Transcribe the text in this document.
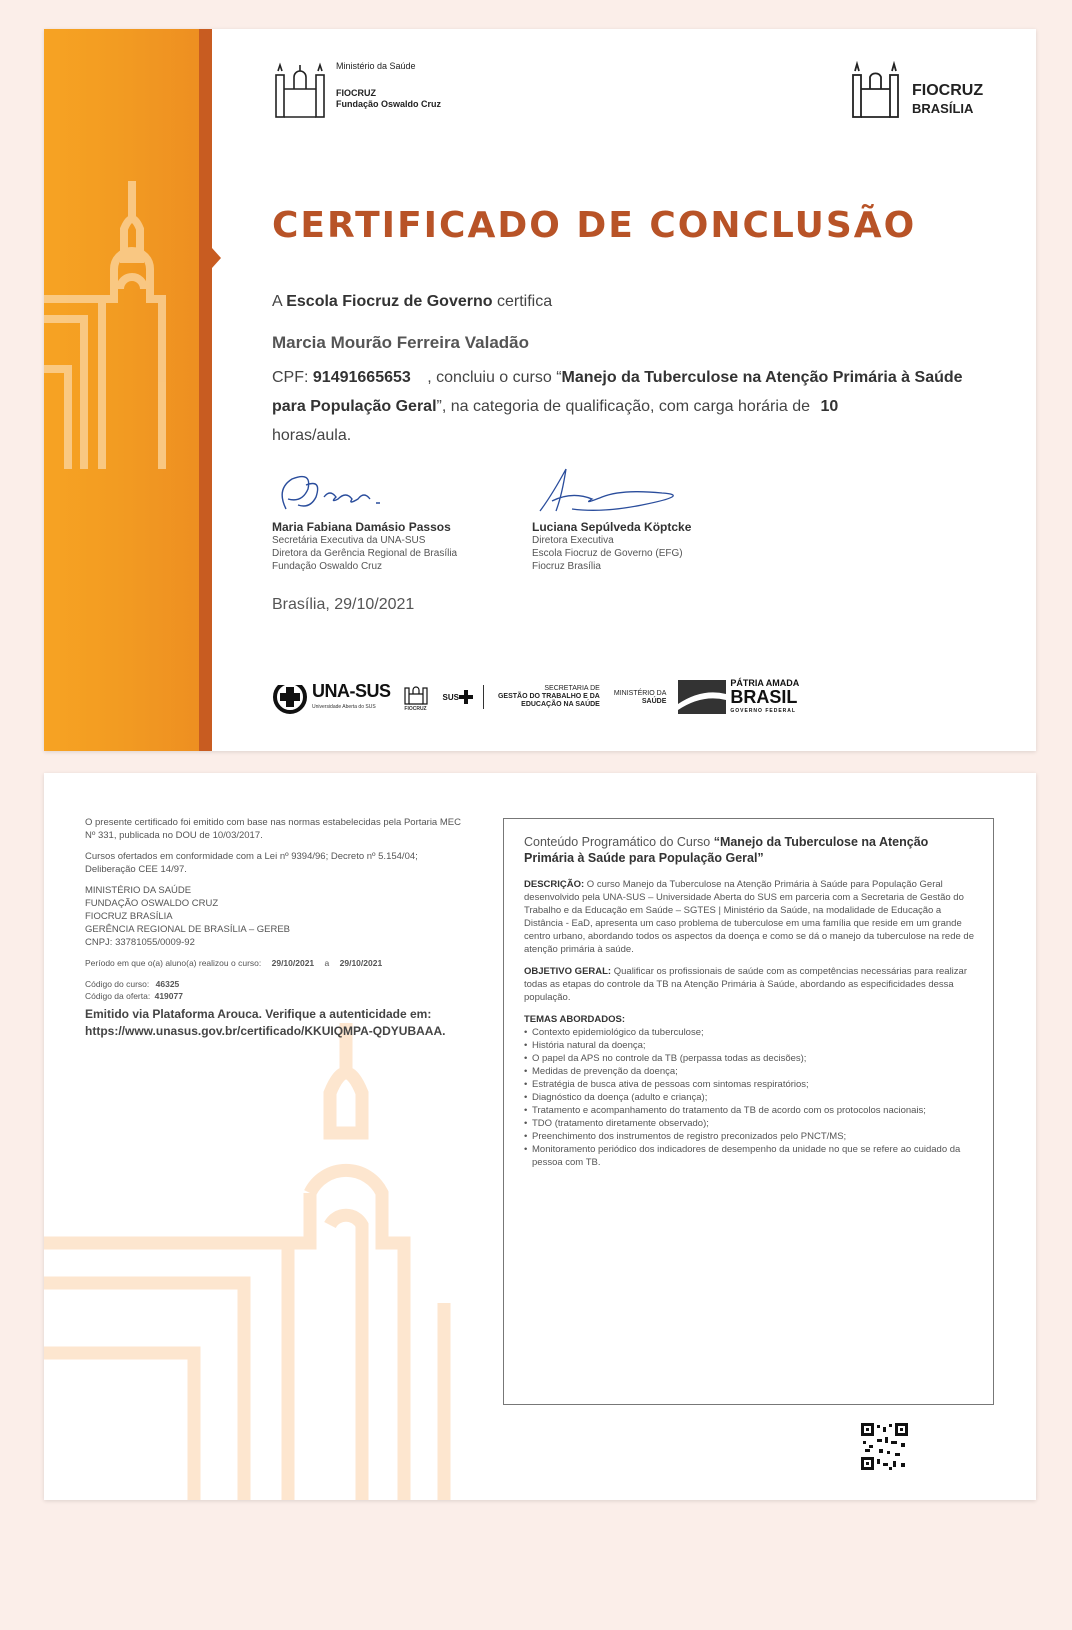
Ministério da Saúde
FIOCRUZ
Fundação Oswaldo Cruz
FIOCRUZ
BRASÍLIA
CERTIFICADO DE CONCLUSÃO
A Escola Fiocruz de Governo certifica
Marcia Mourão Ferreira Valadão
CPF: 91491665653 , concluiu o curso “Manejo da Tuberculose na Atenção Primária à Saúde para População Geral”, na categoria de qualificação, com carga horária de 10
horas/aula.
Maria Fabiana Damásio Passos
Secretária Executiva da UNA-SUS
Diretora da Gerência Regional de Brasília
Fundação Oswaldo Cruz
Luciana Sepúlveda Köptcke
Diretora Executiva
Escola Fiocruz de Governo (EFG)
Fiocruz Brasília
Brasília, 29/10/2021
UNA-SUS
Universidade Aberta do SUS	FIOCRUZ
SUS
SECRETARIA DE
GESTÃO DO TRABALHO E DA
EDUCAÇÃO NA SAÚDE
MINISTÉRIO DA
SAÚDE
PÁTRIA AMADA
BRASIL
GOVERNO FEDERAL

O presente certificado foi emitido com base nas normas estabelecidas pela Portaria MEC Nº 331, publicada no DOU de 10/03/2017.

Cursos ofertados em conformidade com a Lei nº 9394/96; Decreto nº 5.154/04; Deliberação CEE 14/97.

MINISTÉRIO DA SAÚDE
FUNDAÇÃO OSWALDO CRUZ
FIOCRUZ BRASÍLIA
GERÊNCIA REGIONAL DE BRASÍLIA – GEREB
CNPJ: 33781055/0009-92
Período em que o(a) aluno(a) realizou o curso: 29/10/2021 a 29/10/2021
Código do curso: 46325
Código da oferta: 419077
Emitido via Plataforma Arouca. Verifique a autenticidade em:
https://www.unasus.gov.br/certificado/KKUIQMPA-QDYUBAAA.
Conteúdo Programático do Curso “Manejo da Tuberculose na Atenção Primária à Saúde para População Geral”
DESCRIÇÃO: O curso Manejo da Tuberculose na Atenção Primária à Saúde para População Geral desenvolvido pela UNA-SUS – Universidade Aberta do SUS em parceria com a Secretaria de Gestão do Trabalho e da Educação em Saúde – SGTES | Ministério da Saúde, na modalidade de Educação a Distância - EaD, apresenta um caso problema de tuberculose em uma família que reside em um grande centro urbano, abordando todos os aspectos da doença e como se dá o manejo da tuberculose na rede de atenção primária à saúde.
OBJETIVO GERAL: Qualificar os profissionais de saúde com as competências necessárias para realizar todas as etapas do controle da TB na Atenção Primária à Saúde, abordando as especificidades dessa população.
TEMAS ABORDADOS:
• Contexto epidemiológico da tuberculose;
• História natural da doença;
• O papel da APS no controle da TB (perpassa todas as decisões);
• Medidas de prevenção da doença;
• Estratégia de busca ativa de pessoas com sintomas respiratórios;
• Diagnóstico da doença (adulto e criança);
• Tratamento e acompanhamento do tratamento da TB de acordo com os protocolos nacionais;
• TDO (tratamento diretamente observado);
• Preenchimento dos instrumentos de registro preconizados pelo PNCT/MS;
• Monitoramento periódico dos indicadores de desempenho da unidade no que se refere ao cuidado da pessoa com TB.
